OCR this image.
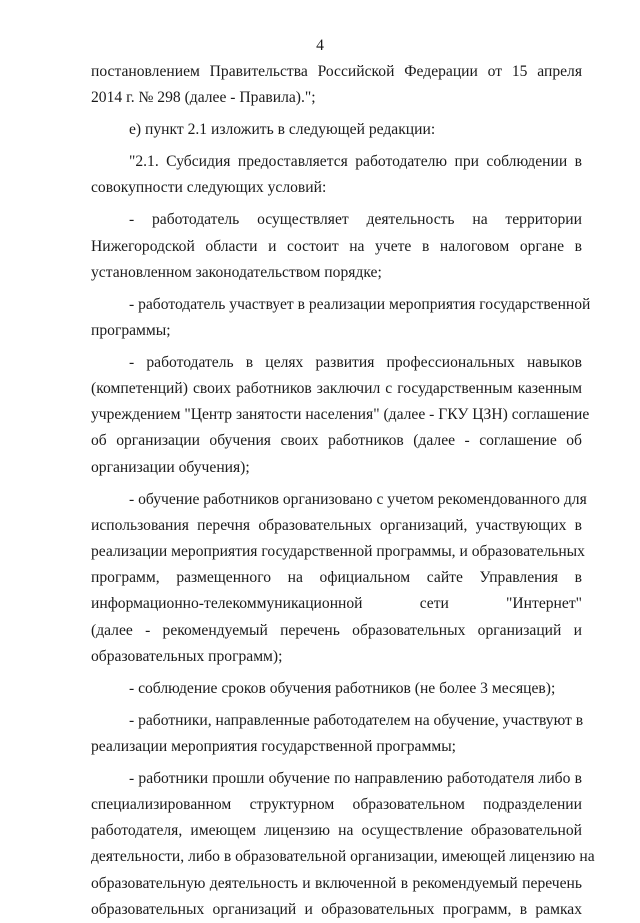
4
постановлением Правительства Российской Федерации от 15 апреля
2014 г. № 298 (далее - Правила).";
е) пункт 2.1 изложить в следующей редакции:
"2.1. Субсидия предоставляется работодателю при соблюдении в
совокупности следующих условий:
- работодатель осуществляет деятельность на территории
Нижегородской области и состоит на учете в налоговом органе в
установленном законодательством порядке;
- работодатель участвует в реализации мероприятия государственной
программы;
- работодатель в целях развития профессиональных навыков
(компетенций) своих работников заключил с государственным казенным
учреждением "Центр занятости населения" (далее - ГКУ ЦЗН) соглашение
об организации обучения своих работников (далее - соглашение об
организации обучения);
- обучение работников организовано с учетом рекомендованного для
использования перечня образовательных организаций, участвующих в
реализации мероприятия государственной программы, и образовательных
программ, размещенного на официальном сайте Управления в
информационно-телекоммуникационной сети "Интернет"
(далее - рекомендуемый перечень образовательных организаций и
образовательных программ);
- соблюдение сроков обучения работников (не более 3 месяцев);
- работники, направленные работодателем на обучение, участвуют в
реализации мероприятия государственной программы;
- работники прошли обучение по направлению работодателя либо в
специализированном структурном образовательном подразделении
работодателя, имеющем лицензию на осуществление образовательной
деятельности, либо в образовательной организации, имеющей лицензию на
образовательную деятельность и включенной в рекомендуемый перечень
образовательных организаций и образовательных программ, в рамках
